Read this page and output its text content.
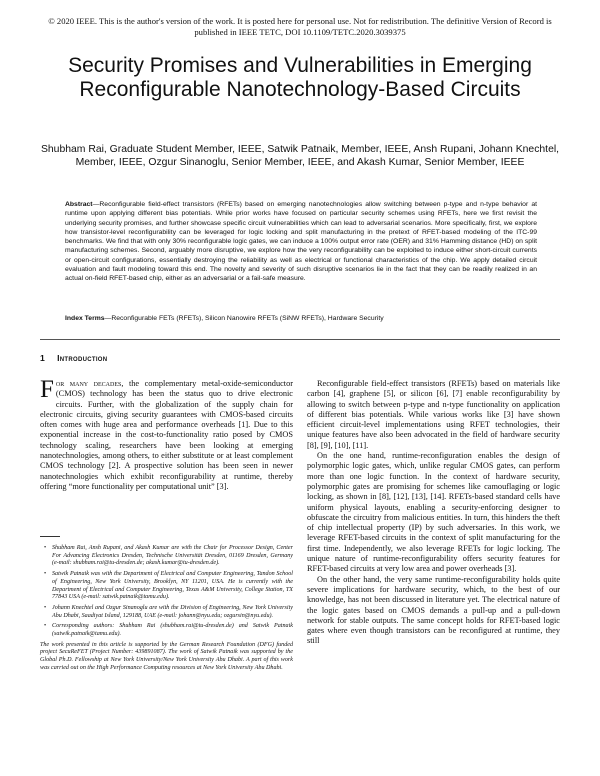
© 2020 IEEE. This is the author's version of the work. It is posted here for personal use. Not for redistribution. The definitive Version of Record is published in IEEE TETC, DOI 10.1109/TETC.2020.3039375
Security Promises and Vulnerabilities in Emerging Reconfigurable Nanotechnology-Based Circuits
Shubham Rai, Graduate Student Member, IEEE, Satwik Patnaik, Member, IEEE, Ansh Rupani, Johann Knechtel, Member, IEEE, Ozgur Sinanoglu, Senior Member, IEEE, and Akash Kumar, Senior Member, IEEE
Abstract—Reconfigurable field-effect transistors (RFETs) based on emerging nanotechnologies allow switching between p-type and n-type behavior at runtime upon applying different bias potentials. While prior works have focused on particular security schemes using RFETs, here we first revisit the underlying security promises, and further showcase specific circuit vulnerabilities which can lead to adversarial scenarios. More specifically, first, we explore how transistor-level reconfigurability can be leveraged for logic locking and split manufacturing in the pretext of RFET-based modeling of the ITC-99 benchmarks. We find that with only 30% reconfigurable logic gates, we can induce a 100% output error rate (OER) and 31% Hamming distance (HD) on split manufacturing schemes. Second, arguably more disruptive, we explore how the very reconfigurability can be exploited to induce either short-circuit currents or open-circuit configurations, essentially destroying the reliability as well as electrical or functional characteristics of the chip. We apply detailed circuit evaluation and fault modeling toward this end. The novelty and severity of such disruptive scenarios lie in the fact that they can be readily realized in an actual on-field RFET-based chip, either as an adversarial or a fail-safe measure.
Index Terms—Reconfigurable FETs (RFETs), Silicon Nanowire RFETs (SiNW RFETs), Hardware Security
1 Introduction

For many decades, the complementary metal-oxide-semiconductor (CMOS) technology has been the status quo to drive electronic circuits. Further, with the globalization of the supply chain for electronic circuits, giving security guarantees with CMOS-based circuits often comes with huge area and performance overheads [1]. Due to this exponential increase in the cost-to-functionality ratio posed by CMOS technology scaling, researchers have been looking at emerging nanotechnologies, among others, to either substitute or at least complement CMOS technology [2]. A prospective solution has been seen in newer nanotechnologies which exhibit reconfigurability at runtime, thereby offering “more functionality per computational unit” [3].

• Shubham Rai, Ansh Rupani, and Akash Kumar are with the Chair for Processor Design, Center For Advancing Electronics Dresden, Technische Universität Dresden, 01169 Dresden, Germany (e-mail: shubham.rai@tu-dresden.de; akash.kumar@tu-dresden.de).
• Satwik Patnaik was with the Department of Electrical and Computer Engineering, Tandon School of Engineering, New York University, Brooklyn, NY 11201, USA. He is currently with the Department of Electrical and Computer Engineering, Texas A&M University, College Station, TX 77843 USA (e-mail: satwik.patnaik@tamu.edu).
• Johann Knechtel and Ozgur Sinanoglu are with the Division of Engineering, New York University Abu Dhabi, Saadiyat Island, 129188, UAE (e-mail: johann@nyu.edu; ozgursin@nyu.edu).
• Corresponding authors: Shubham Rai (shubham.rai@tu-dresden.de) and Satwik Patnaik (satwik.patnaik@tamu.edu).
The work presented in this article is supported by the German Research Foundation (DFG) funded project SecuReFET (Project Number: 439891087). The work of Satwik Patnaik was supported by the Global Ph.D. Fellowship at New York University/New York University Abu Dhabi. A part of this work was carried out on the High Performance Computing resources at New York University Abu Dhabi.

Reconfigurable field-effect transistors (RFETs) based on materials like carbon [4], graphene [5], or silicon [6], [7] enable reconfigurability by allowing to switch between p-type and n-type functionality on application of different bias potentials. While various works like [3] have shown efficient circuit-level implementations using RFET technologies, their unique features have also been advocated in the field of hardware security [8], [9], [10], [11].

On the one hand, runtime-reconfiguration enables the design of polymorphic logic gates, which, unlike regular CMOS gates, can perform more than one logic function. In the context of hardware security, polymorphic gates are promising for schemes like camouflaging or logic locking, as shown in [8], [12], [13], [14]. RFETs-based standard cells have uniform physical layouts, enabling a security-enforcing designer to obfuscate the circuitry from malicious entities. In turn, this hinders the theft of chip intellectual property (IP) by such adversaries. In this work, we leverage RFET-based circuits in the context of split manufacturing for the first time. Independently, we also leverage RFETs for logic locking. The unique nature of runtime-reconfigurability offers security features for RFET-based circuits at very low area and power overheads [3].

On the other hand, the very same runtime-reconfigurability holds quite severe implications for hardware security, which, to the best of our knowledge, has not been discussed in literature yet. The electrical nature of the logic gates based on CMOS demands a pull-up and a pull-down network for stable outputs. The same concept holds for RFET-based logic gates where even though transistors can be reconfigured at runtime, they still
